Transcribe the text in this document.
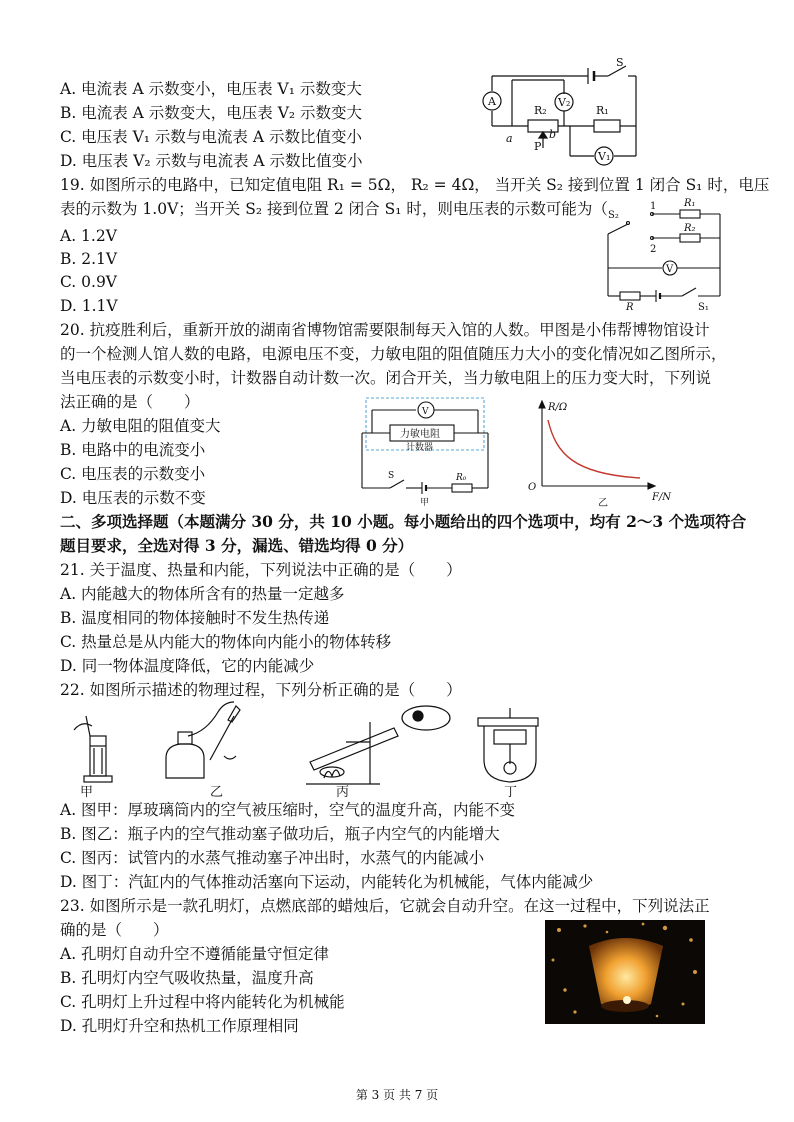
A. 电流表 A 示数变小，电压表 V₁ 示数变大
B. 电流表 A 示数变大，电压表 V₂ 示数变大
C. 电压表 V₁ 示数与电流表 A 示数比值变小
D. 电压表 V₂ 示数与电流表 A 示数比值变小
S
A
R₂	R₁
V₂
V₁
a	b
P
19. 如图所示的电路中，已知定值电阻 R₁ = 5Ω， R₂ = 4Ω， 当开关 S₂ 接到位置 1 闭合 S₁ 时，电压
表的示数为 1.0V；当开关 S₂ 接到位置 2 闭合 S₁ 时，则电压表的示数可能为（
A. 1.2V
B. 2.1V
C. 0.9V
D. 1.1V
S₂
1
2
R₁
R₂
V
R	S₁
20. 抗疫胜利后，重新开放的湖南省博物馆需要限制每天入馆的人数。甲图是小伟帮博物馆设计
的一个检测人馆人数的电路，电源电压不变，力敏电阻的阻值随压力大小的变化情况如乙图所示，
当电压表的示数变小时，计数器自动计数一次。闭合开关，当力敏电阻上的压力变大时，下列说
法正确的是（　　）
A. 力敏电阻的阻值变大
B. 电路中的电流变小
C. 电压表的示数变小
D. 电压表的示数不变
V
力敏电阻
计数器
S	R₀
甲
R/Ω
O
F/N
乙
二、多项选择题（本题满分 30 分，共 10 小题。每小题给出的四个选项中，均有 2～3 个选项符合
题目要求，全选对得 3 分，漏选、错选均得 0 分）
21. 关于温度、热量和内能，下列说法中正确的是（　　）
A. 内能越大的物体所含有的热量一定越多
B. 温度相同的物体接触时不发生热传递
C. 热量总是从内能大的物体向内能小的物体转移
D. 同一物体温度降低，它的内能减少
22. 如图所示描述的物理过程，下列分析正确的是（　　）
甲	乙	丙	丁
A. 图甲：厚玻璃筒内的空气被压缩时，空气的温度升高，内能不变
B. 图乙：瓶子内的空气推动塞子做功后，瓶子内空气的内能增大
C. 图丙：试管内的水蒸气推动塞子冲出时，水蒸气的内能减小
D. 图丁：汽缸内的气体推动活塞向下运动，内能转化为机械能，气体内能减少
23. 如图所示是一款孔明灯，点燃底部的蜡烛后，它就会自动升空。在这一过程中，下列说法正
确的是（　　）
A. 孔明灯自动升空不遵循能量守恒定律
B. 孔明灯内空气吸收热量，温度升高
C. 孔明灯上升过程中将内能转化为机械能
D. 孔明灯升空和热机工作原理相同
第 3 页 共 7 页
